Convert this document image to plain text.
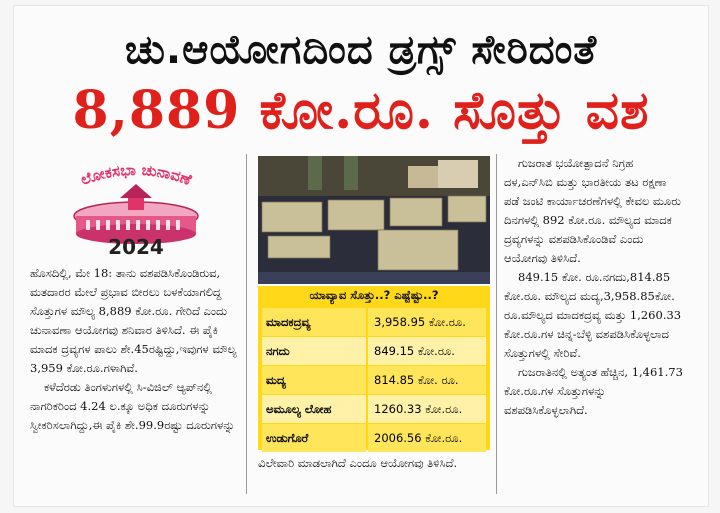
ಚು.ಆಯೋಗದಿಂದ ಡ್ರಗ್ಸ್ ಸೇರಿದಂತೆ
8,889 ಕೋ.ರೂ. ಸೊತ್ತು ವಶ
ಲೋಕಸಭಾ ಚುನಾವಣೆ
2024

ಹೊಸದಿಲ್ಲಿ, ಮೇ 18: ತಾನು ವಶಪಡಿಸಿಕೊಂಡಿರುವ, ಮತದಾರರ ಮೇಲೆ ಪ್ರಭಾವ ಬೀರಲು ಬಳಕೆಯಾಗಲಿದ್ದ ಸೊತ್ತುಗಳ ಮೌಲ್ಯ 8,889 ಕೋ.ರೂ. ಗೇರಿದೆ ಎಂದು ಚುನಾವಣಾ ಆಯೋಗವು ಶನಿವಾರ ತಿಳಿಸಿದೆ. ಈ ಪೈಕಿ ಮಾದಕ ದ್ರವ್ಯಗಳ ಪಾಲು ಶೇ.45ರಷ್ಟಿದ್ದು,ಇವುಗಳ ಮೌಲ್ಯ 3,959 ಕೋ.ರೂ.ಗಳಾಗಿವೆ.

ಕಳೆದೆರಡು ತಿಂಗಳುಗಳಲ್ಲಿ ಸಿ-ವಿಜಿಲ್ ಆ್ಯಪ್‌ನಲ್ಲಿ ನಾಗರಿಕರಿಂದ 4.24 ಲ.ಕ್ಕೂ ಅಧಿಕ ದೂರುಗಳನ್ನು ಸ್ವೀಕರಿಸಲಾಗಿದ್ದು,ಈ ಪೈಕಿ ಶೇ.99.9ರಷ್ಟು ದೂರುಗಳನ್ನು

ಯಾವ್ಯಾವ ಸೊತ್ತು..? ಎಷ್ಟೆಷ್ಟು..?
ಮಾದಕದ್ರವ್ಯ	3,958.95 ಕೋ.ರೂ.
ನಗದು	849.15 ಕೋ.ರೂ.
ಮದ್ಯ	814.85 ಕೋ. ರೂ.
ಅಮೂಲ್ಯ ಲೋಹ	1260.33 ಕೋ.ರೂ.
ಉಡುಗೊರೆ	2006.56 ಕೋ.ರೂ.

ವಿಲೇವಾರಿ ಮಾಡಲಾಗಿದೆ ಎಂದೂ ಆಯೋಗವು ತಿಳಿಸಿದೆ.

ಗುಜರಾತ ಭಯೋತ್ಪಾದನೆ ನಿಗ್ರಹ ದಳ,ಎನ್‌ಸಿಬಿ ಮತ್ತು ಭಾರತೀಯ ತಟ ರಕ್ಷಣಾ ಪಡೆ ಜಂಟಿ ಕಾರ್ಯಾಚರಣೆಗಳಲ್ಲಿ ಕೇವಲ ಮೂರು ದಿನಗಳಲ್ಲಿ 892 ಕೋ.ರೂ. ಮೌಲ್ಯದ ಮಾದಕ ದ್ರವ್ಯಗಳನ್ನು ವಶಪಡಿಸಿಕೊಂಡಿವೆ ಎಂದು ಆಯೋಗವು ತಿಳಿಸಿದೆ.

849.15 ಕೋ. ರೂ.ನಗದು,814.85 ಕೋ.ರೂ. ಮೌಲ್ಯದ ಮದ್ಯ,3,958.85ಕೋ. ರೂ.ಮೌಲ್ಯದ ಮಾದಕದ್ರವ್ಯ ಮತ್ತು 1,260.33 ಕೋ.ರೂ.ಗಳ ಚಿನ್ನ-ಬೆಳ್ಳಿ ವಶಪಡಿಸಿಕೊಳ್ಳಲಾದ ಸೊತ್ತುಗಳಲ್ಲಿ ಸೇರಿವೆ.

ಗುಜರಾತಿನಲ್ಲಿ ಅತ್ಯಂತ ಹೆಚ್ಚಿನ, 1,461.73 ಕೋ.ರೂ.ಗಳ ಸೊತ್ತುಗಳನ್ನು ವಶಪಡಿಸಿಕೊಳ್ಳಲಾಗಿದೆ.
